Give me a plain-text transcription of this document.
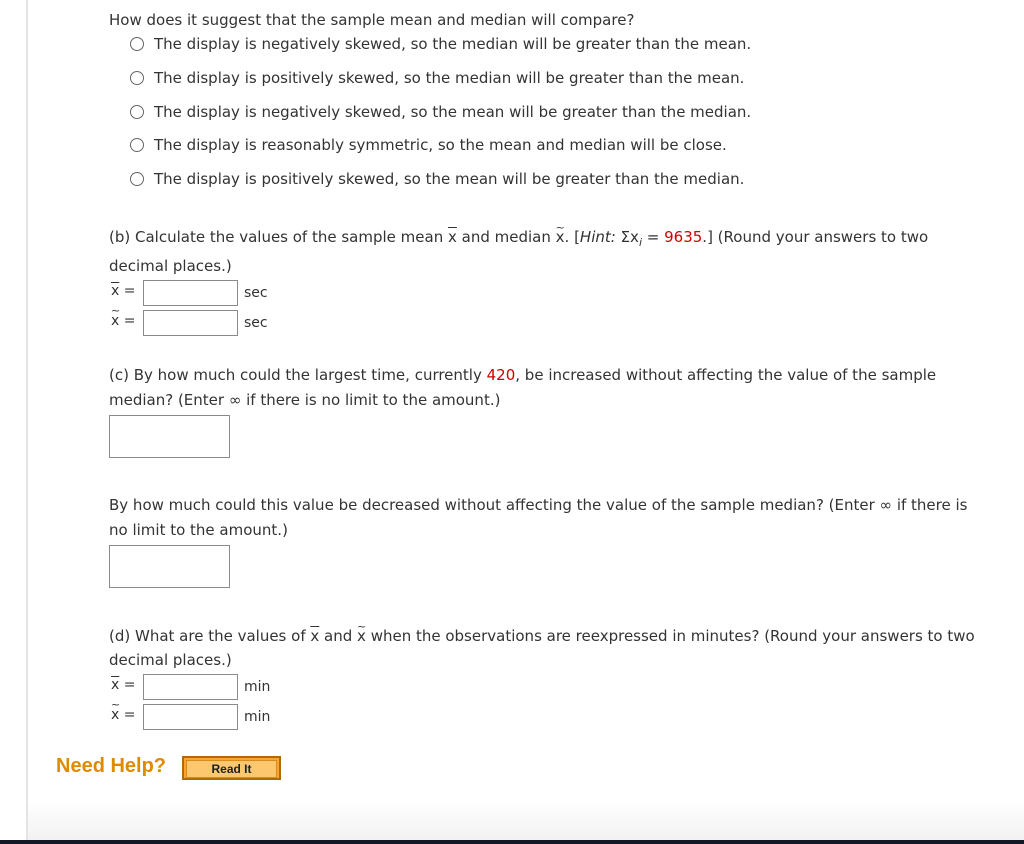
How does it suggest that the sample mean and median will compare?
The display is negatively skewed, so the median will be greater than the mean.
The display is positively skewed, so the median will be greater than the mean.
The display is negatively skewed, so the mean will be greater than the median.
The display is reasonably symmetric, so the mean and median will be close.
The display is positively skewed, so the mean will be greater than the median.
(b) Calculate the values of the sample mean $\overline{x}$ and median ~ x. [Hint: $\Sigma x_i = 9635$.] (Round your answers to two
decimal places.)
$\overline{x}$ =	sec
~ x =	sec
(c) By how much could the largest time, currently 420, be increased without affecting the value of the sample
median? (Enter ∞ if there is no limit to the amount.)
By how much could this value be decreased without affecting the value of the sample median? (Enter ∞ if there is
no limit to the amount.)
(d) What are the values of $\overline{x}$ and ~ x when the observations are reexpressed in minutes? (Round your answers to two
decimal places.)
$\overline{x}$ =	min
~ x =	min
Need Help?	Read It
